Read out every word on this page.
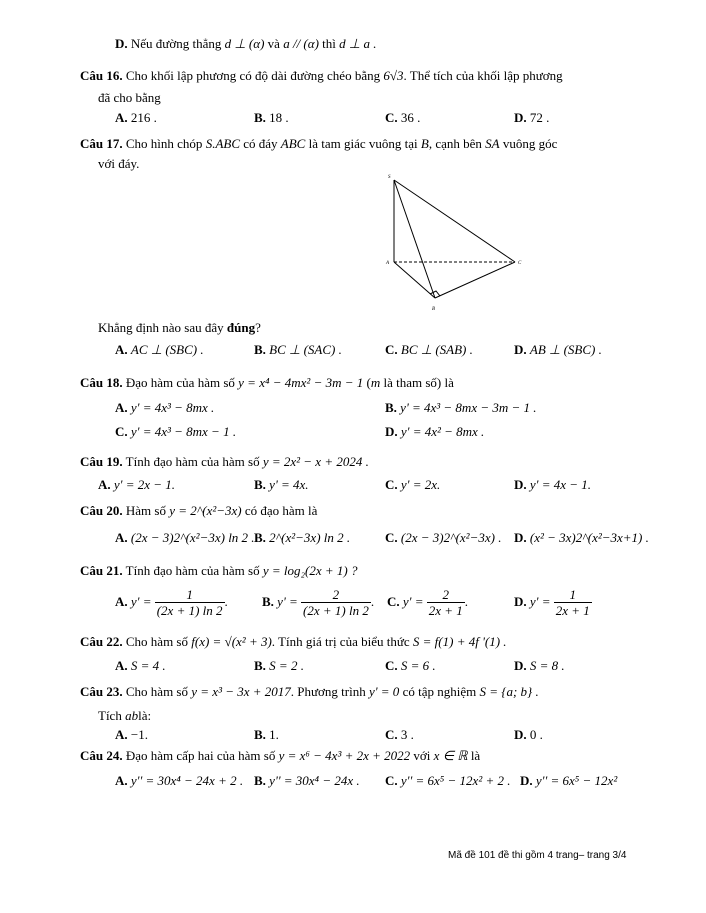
D. Nếu đường thẳng d ⊥ (α) và a // (α) thì d ⊥ a .
Câu 16. Cho khối lập phương có độ dài đường chéo bằng 6√3. Thể tích của khối lập phương
đã cho bằng
A. 216 .	B. 18 .	C. 36 .	D. 72 .
Câu 17. Cho hình chóp S.ABC có đáy ABC là tam giác vuông tại B, cạnh bên SA vuông góc
với đáy.
S
A
B
C
Khẳng định nào sau đây đúng?
A. AC ⊥ (SBC) .	B. BC ⊥ (SAC) .	C. BC ⊥ (SAB) .	D. AB ⊥ (SBC) .
Câu 18. Đạo hàm của hàm số y = x⁴ − 4mx² − 3m − 1 (m là tham số) là
A. y' = 4x³ − 8mx .	B. y' = 4x³ − 8mx − 3m − 1 .
C. y' = 4x³ − 8mx − 1 .	D. y' = 4x² − 8mx .
Câu 19. Tính đạo hàm của hàm số y = 2x² − x + 2024 .
A. y' = 2x − 1.	B. y' = 4x.	C. y' = 2x.	D. y' = 4x − 1.
Câu 20. Hàm số y = 2^(x²−3x) có đạo hàm là
A. (2x − 3)2^(x²−3x) ln 2 . B. 2^(x²−3x) ln 2 .	C. (2x − 3)2^(x²−3x) . D. (x² − 3x)2^(x²−3x+1) .
Câu 21. Tính đạo hàm của hàm số y = log₂(2x + 1) ?
A. $y' = \frac{1}{(2x + 1) \ln 2}$ .	B. $y' = \frac{2}{(2x + 1) \ln 2}$ . C. $y' = \frac{2}{2x + 1}$ .	D. $y' = \frac{1}{2x + 1}$
Câu 22. Cho hàm số f(x) = √(x² + 3). Tính giá trị của biểu thức S = f(1) + 4f '(1) .
A. S = 4 .	B. S = 2 .	C. S = 6 .	D. S = 8 .
Câu 23. Cho hàm số y = x³ − 3x + 2017. Phương trình y' = 0 có tập nghiệm S = {a; b} .
Tích ablà:
A. −1.	B. 1.	C. 3 .	D. 0 .
Câu 24. Đạo hàm cấp hai của hàm số y = x⁶ − 4x³ + 2x + 2022 với x ∈ ℝ là
A. y'' = 30x⁴ − 24x + 2 . B. y'' = 30x⁴ − 24x . C. y'' = 6x⁵ − 12x² + 2 . D. y'' = 6x⁵ − 12x²
Mã đề 101 đề thi gồm 4 trang– trang 3/4
